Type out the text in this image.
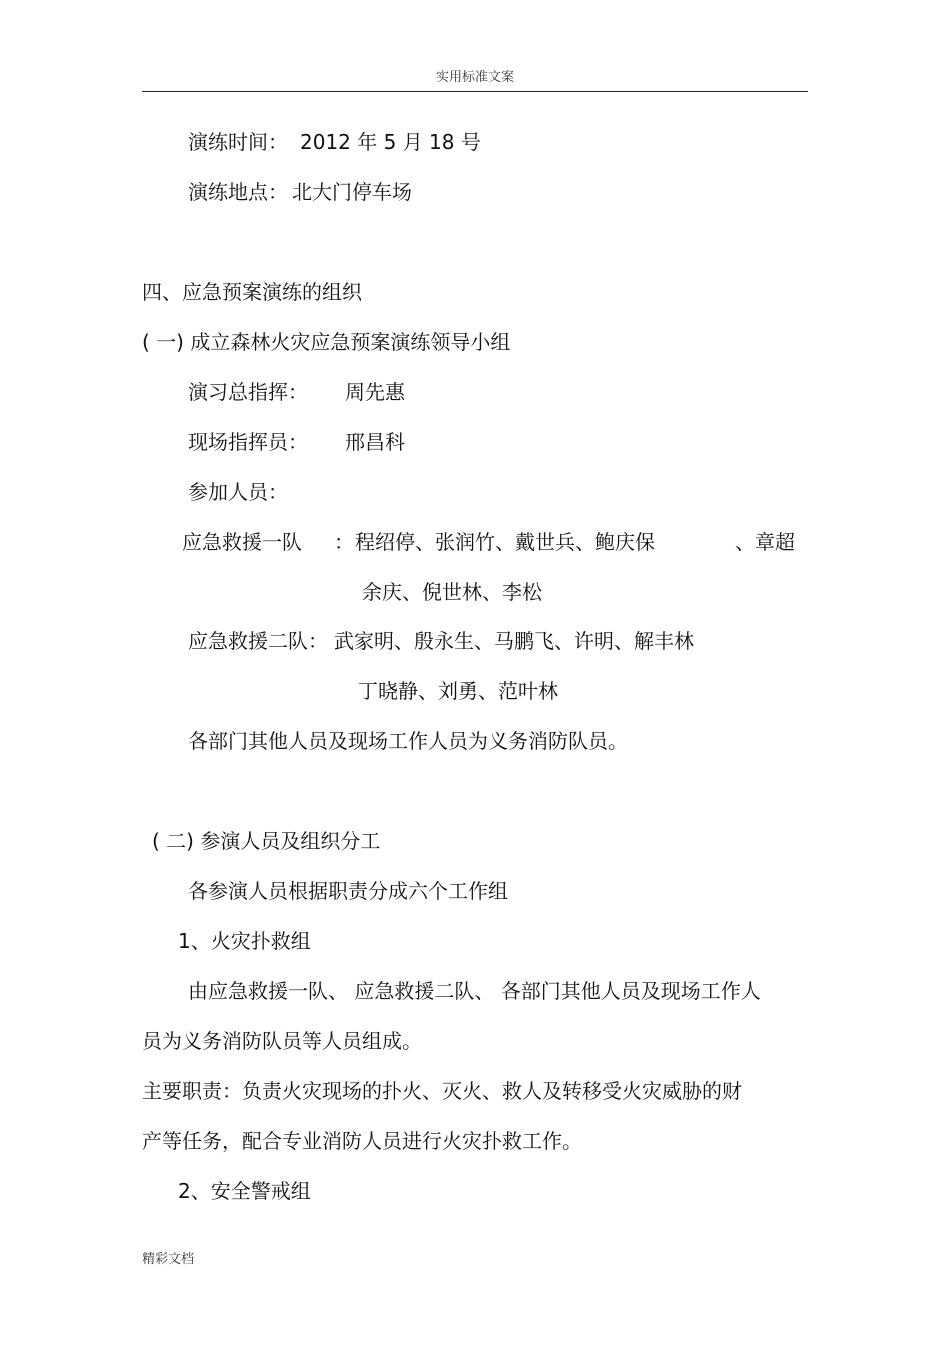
实用标准文案
演练时间： 2012 年 5 月 18 号
演练地点： 北大门停车场
四、应急预案演练的组织
( 一) 成立森林火灾应急预案演练领导小组
演习总指挥： 周先惠
现场指挥员： 邢昌科
参加人员：
应急救援一队 ： 程绍停、张润竹、戴世兵、鲍庆保	、章超
余庆、倪世林、李松
应急救援二队： 武家明、殷永生、马鹏飞、许明、解丰林
丁晓静、刘勇、范叶林
各部门其他人员及现场工作人员为义务消防队员。
( 二) 参演人员及组织分工
各参演人员根据职责分成六个工作组
1、火灾扑救组
由应急救援一队、 应急救援二队、 各部门其他人员及现场工作人
员为义务消防队员等人员组成。
主要职责：负责火灾现场的扑火、灭火、救人及转移受火灾威胁的财
产等任务，配合专业消防人员进行火灾扑救工作。
2、安全警戒组
精彩文档
